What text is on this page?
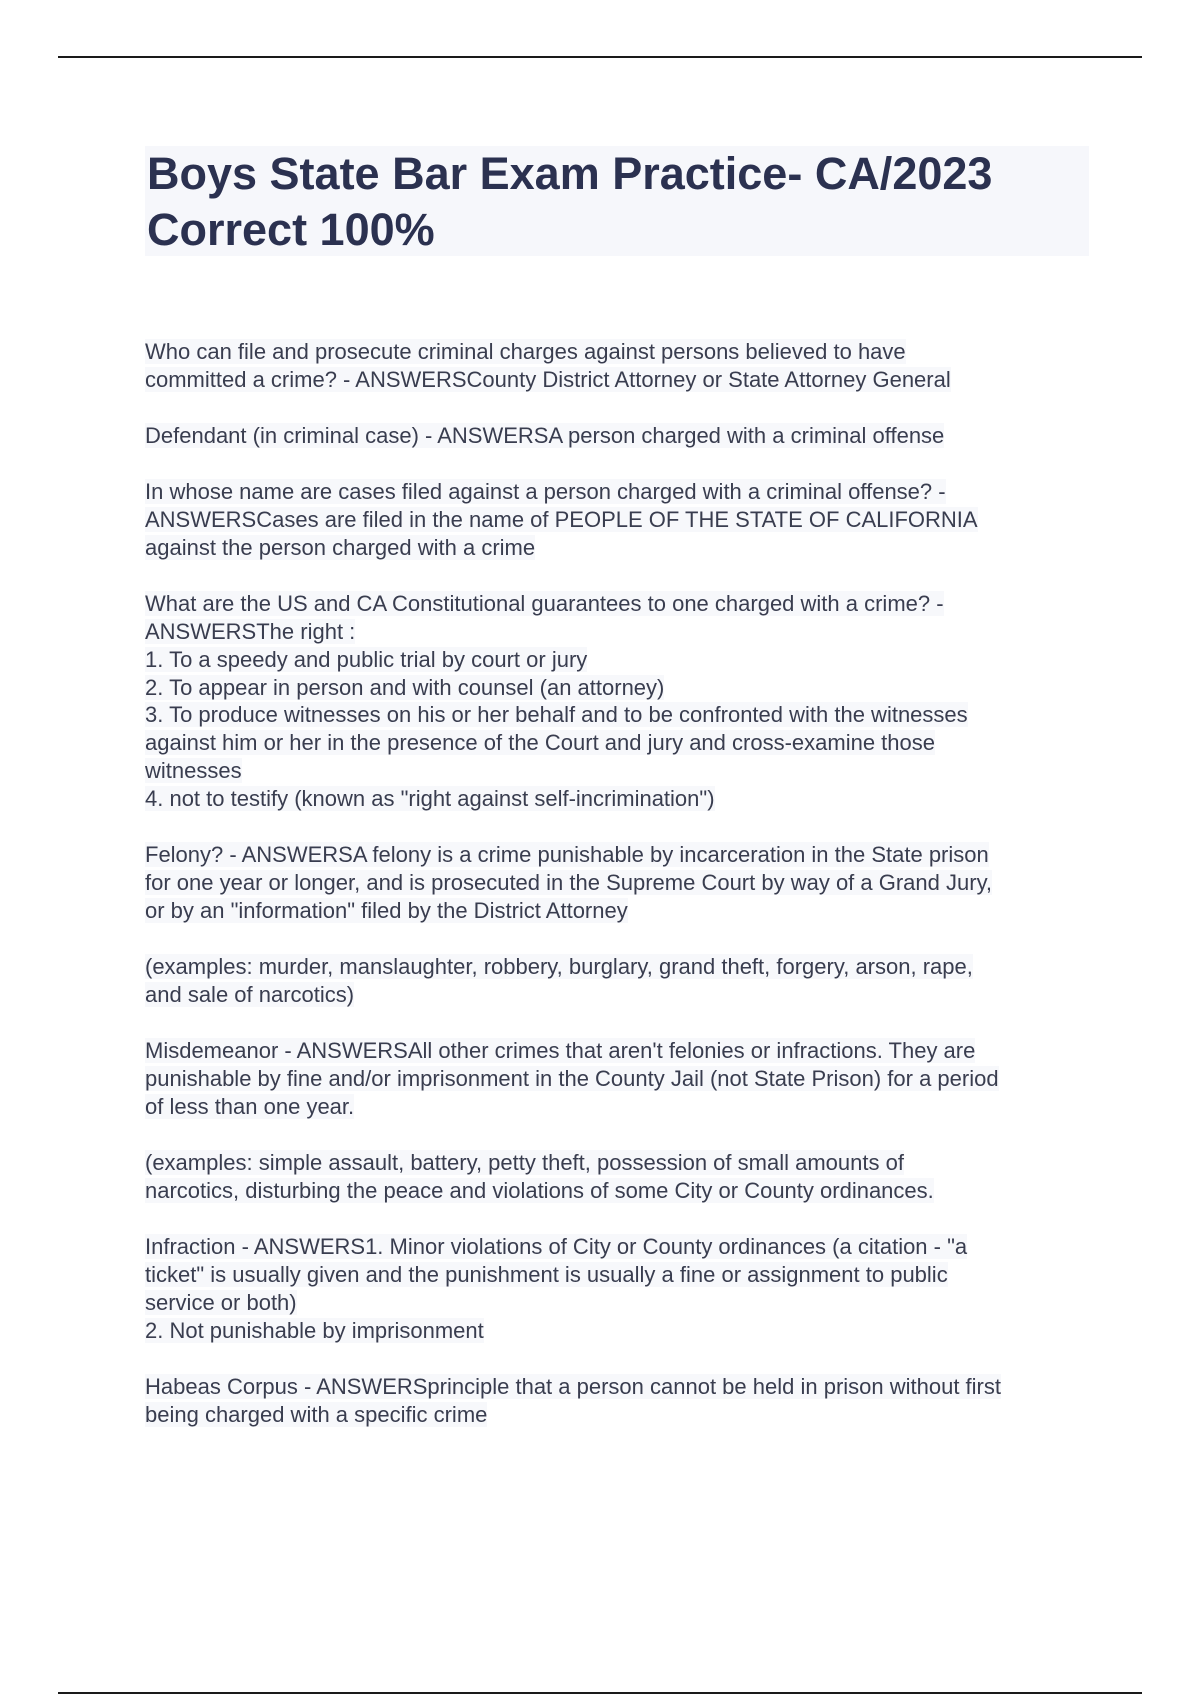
Boys State Bar Exam Practice- CA/2023
Correct 100%
Who can file and prosecute criminal charges against persons believed to have
committed a crime? - ANSWERSCounty District Attorney or State Attorney General
Defendant (in criminal case) - ANSWERSA person charged with a criminal offense
In whose name are cases filed against a person charged with a criminal offense? -
ANSWERSCases are filed in the name of PEOPLE OF THE STATE OF CALIFORNIA
against the person charged with a crime
What are the US and CA Constitutional guarantees to one charged with a crime? -
ANSWERSThe right :
1. To a speedy and public trial by court or jury
2. To appear in person and with counsel (an attorney)
3. To produce witnesses on his or her behalf and to be confronted with the witnesses
against him or her in the presence of the Court and jury and cross-examine those
witnesses
4. not to testify (known as "right against self-incrimination")
Felony? - ANSWERSA felony is a crime punishable by incarceration in the State prison
for one year or longer, and is prosecuted in the Supreme Court by way of a Grand Jury,
or by an "information" filed by the District Attorney
(examples: murder, manslaughter, robbery, burglary, grand theft, forgery, arson, rape,
and sale of narcotics)
Misdemeanor - ANSWERSAll other crimes that aren't felonies or infractions. They are
punishable by fine and/or imprisonment in the County Jail (not State Prison) for a period
of less than one year.
(examples: simple assault, battery, petty theft, possession of small amounts of
narcotics, disturbing the peace and violations of some City or County ordinances.
Infraction - ANSWERS1. Minor violations of City or County ordinances (a citation - "a
ticket" is usually given and the punishment is usually a fine or assignment to public
service or both)
2. Not punishable by imprisonment
Habeas Corpus - ANSWERSprinciple that a person cannot be held in prison without first
being charged with a specific crime
